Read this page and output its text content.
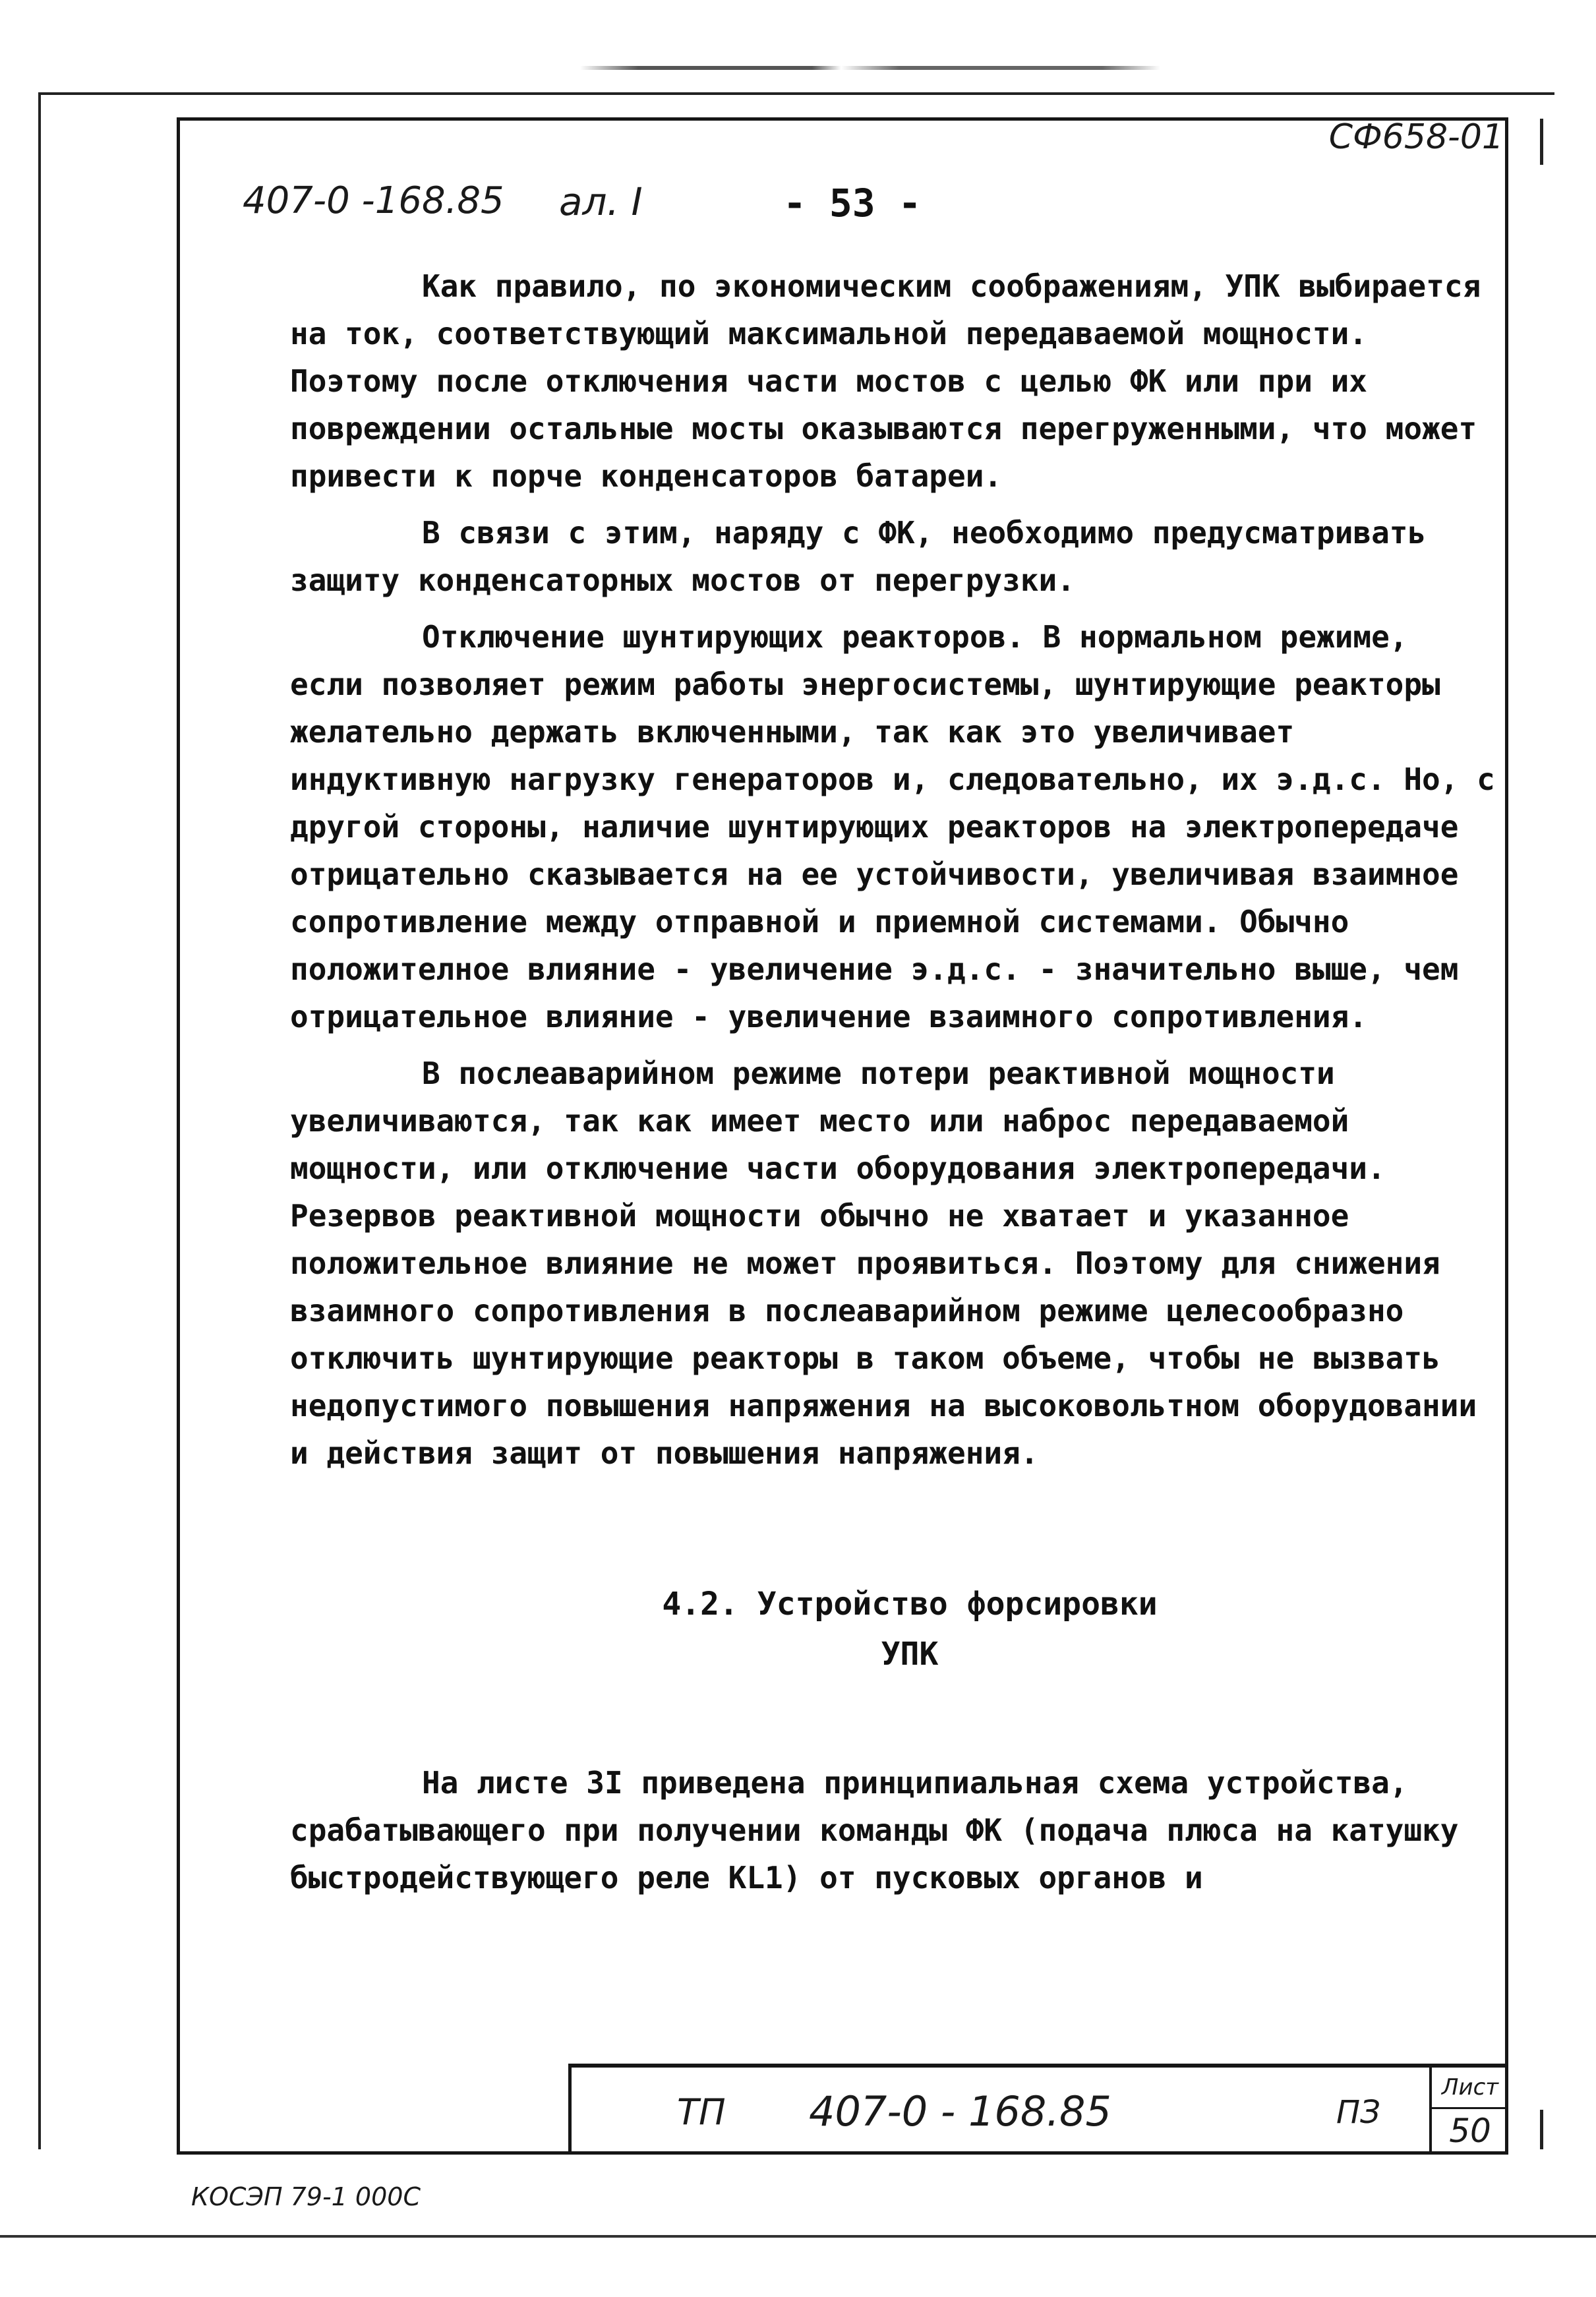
СФ658-01
407-0 -168.85 ал. I	- 53 -

Как правило, по экономическим соображениям, УПК выбирается на ток, соответствующий максимальной передаваемой мощности. Поэтому после отключения части мостов с целью ФК или при их повреждении остальные мосты оказываются перегруженными, что может привести к порче конденсаторов батареи.

В связи с этим, наряду с ФК, необходимо предусматривать защиту конденсаторных мостов от перегрузки.

Отключение шунтирующих реакторов. В нормальном режиме, если позволяет режим работы энергосистемы, шунтирующие реакторы желательно держать включенными, так как это увеличивает индуктивную нагрузку генераторов и, следовательно, их э.д.с. Но, с другой стороны, наличие шунтирующих реакторов на электропередаче отрицательно сказывается на ее устойчивости, увеличивая взаимное сопротивление между отправной и приемной системами. Обычно положителное влияние - увеличение э.д.с. - значительно выше, чем отрицательное влияние - увеличение взаимного сопротивления.

В послеаварийном режиме потери реактивной мощности увеличиваются, так как имеет место или наброс передаваемой мощности, или отключение части оборудования электропередачи. Резервов реактивной мощности обычно не хватает и указанное положительное влияние не может проявиться. Поэтому для снижения взаимного сопротивления в послеаварийном режиме целесообразно отключить шунтирующие реакторы в таком объеме, чтобы не вызвать недопустимого повышения напряжения на высоковольтном оборудовании и действия защит от повышения напряжения.

4.2. Устройство форсировки
УПК

На листе 3I приведена принципиальная схема устройства, срабатывающего при получении команды ФК (подача плюса на катушку быстродействующего реле КL1) от пусковых органов и

ТП 407-0 - 168.85	ПЗ
Лист
50
КОСЭП 79-1 000С
